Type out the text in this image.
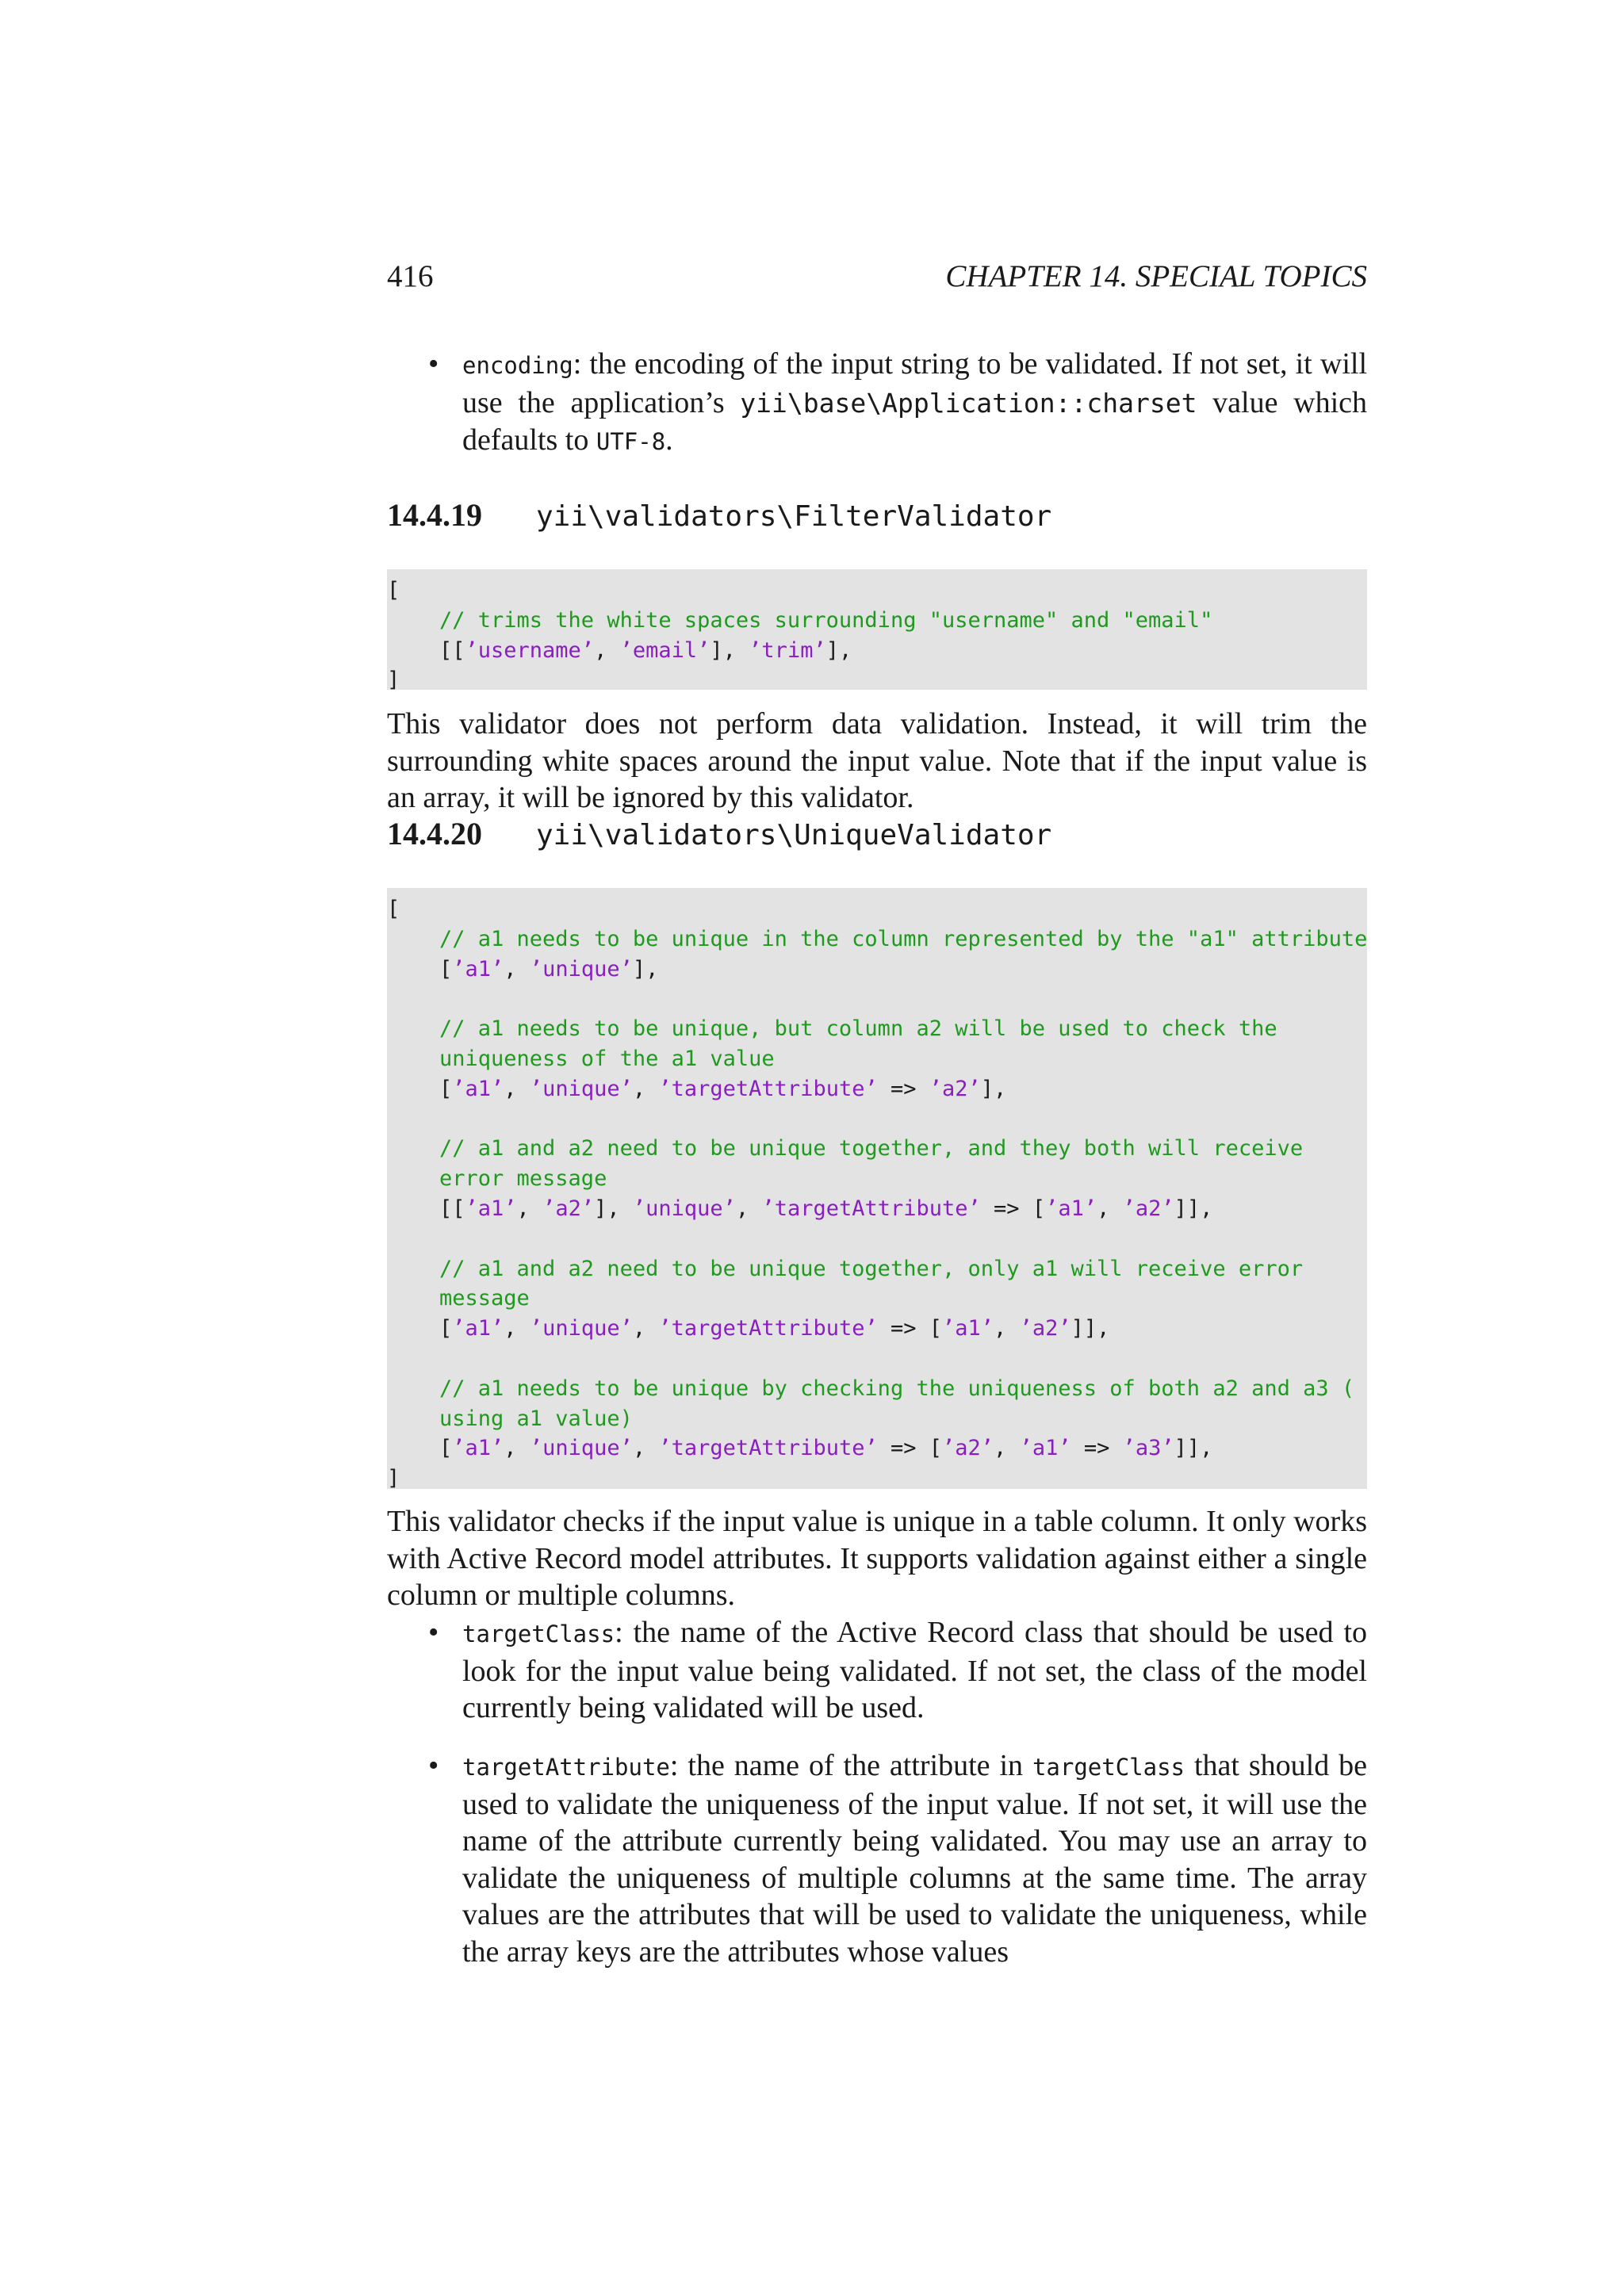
416	CHAPTER 14. SPECIAL TOPICS
• encoding: the encoding of the input string to be validated. If not set, it will use the application’s yii\base\Application::charset value which defaults to UTF-8.
14.4.19	yii\validators\FilterValidator
[
// trims the white spaces surrounding "username" and "email"
[[’username’, ’email’], ’trim’],
]
This validator does not perform data validation. Instead, it will trim the surrounding white spaces around the input value. Note that if the input value is an array, it will be ignored by this validator.
14.4.20	yii\validators\UniqueValidator
[
// a1 needs to be unique in the column represented by the "a1" attribute
[’a1’, ’unique’],
// a1 needs to be unique, but column a2 will be used to check the
uniqueness of the a1 value
[’a1’, ’unique’, ’targetAttribute’ => ’a2’],
// a1 and a2 need to be unique together, and they both will receive
error message
[[’a1’, ’a2’], ’unique’, ’targetAttribute’ => [’a1’, ’a2’]],
// a1 and a2 need to be unique together, only a1 will receive error
message
[’a1’, ’unique’, ’targetAttribute’ => [’a1’, ’a2’]],
// a1 needs to be unique by checking the uniqueness of both a2 and a3 (
using a1 value)
[’a1’, ’unique’, ’targetAttribute’ => [’a2’, ’a1’ => ’a3’]],
]
This validator checks if the input value is unique in a table column. It only works with Active Record model attributes. It supports validation against either a single column or multiple columns.
• targetClass: the name of the Active Record class that should be used to look for the input value being validated. If not set, the class of the model currently being validated will be used.
• targetAttribute: the name of the attribute in targetClass that should be used to validate the uniqueness of the input value. If not set, it will use the name of the attribute currently being validated. You may use an array to validate the uniqueness of multiple columns at the same time. The array values are the attributes that will be used to validate the uniqueness, while the array keys are the attributes whose values
